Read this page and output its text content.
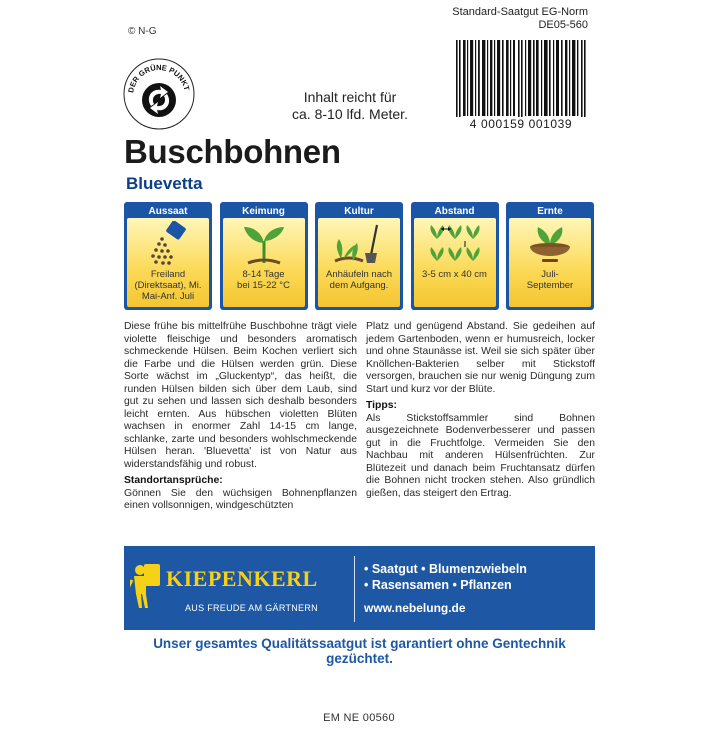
© N-G
Standard-Saatgut EG-Norm
DE05-560
DER GRÜNE PUNKT
4 000159 001039
Inhalt reicht für
ca. 8-10 lfd. Meter.
Buschbohnen
Bluevetta
Aussaat
Freiland
(Direktsaat), Mi.
Mai-Anf. Juli
Keimung
8-14 Tage
bei 15-22 °C
Kultur
Anhäufeln nach
dem Aufgang.
Abstand
3-5 cm x 40 cm
Ernte
Juli-
September

Diese frühe bis mittelfrühe Buschbohne trägt viele violette fleischige und besonders aromatisch schmeckende Hülsen. Beim Kochen verliert sich die Farbe und die Hülsen werden grün. Diese Sorte wächst im „Gluckentyp“, das heißt, die runden Hülsen bilden sich über dem Laub, sind gut zu sehen und lassen sich deshalb besonders leicht ernten. Aus hübschen violetten Blüten wachsen in enormer Zahl 14-15 cm lange, schlanke, zarte und besonders wohlschmeckende Hülsen heran. 'Bluevetta' ist von Natur aus widerstandsfähig und robust.

Standortansprüche:

Gönnen Sie den wüchsigen Bohnenpflanzen einen vollsonnigen, windgeschützten

Platz und genügend Abstand. Sie gedeihen auf jedem Gartenboden, wenn er humusreich, locker und ohne Staunässe ist. Weil sie sich später über Knöllchen-Bakterien selber mit Stickstoff versorgen, brauchen sie nur wenig Düngung zum Start und kurz vor der Blüte.

Tipps:

Als Stickstoffsammler sind Bohnen ausgezeichnete Bodenverbesserer und passen gut in die Fruchtfolge. Vermeiden Sie den Nachbau mit anderen Hülsenfrüchten. Zur Blütezeit und danach beim Fruchtansatz dürfen die Bohnen nicht trocken stehen. Also gründlich gießen, das steigert den Ertrag.

KIEPENKERL
AUS FREUDE AM GÄRTNERN
• Saatgut • Blumenzwiebeln
• Rasensamen • Pflanzen
www.nebelung.de
Unser gesamtes Qualitätssaatgut ist garantiert ohne Gentechnik gezüchtet.
EM NE 00560
